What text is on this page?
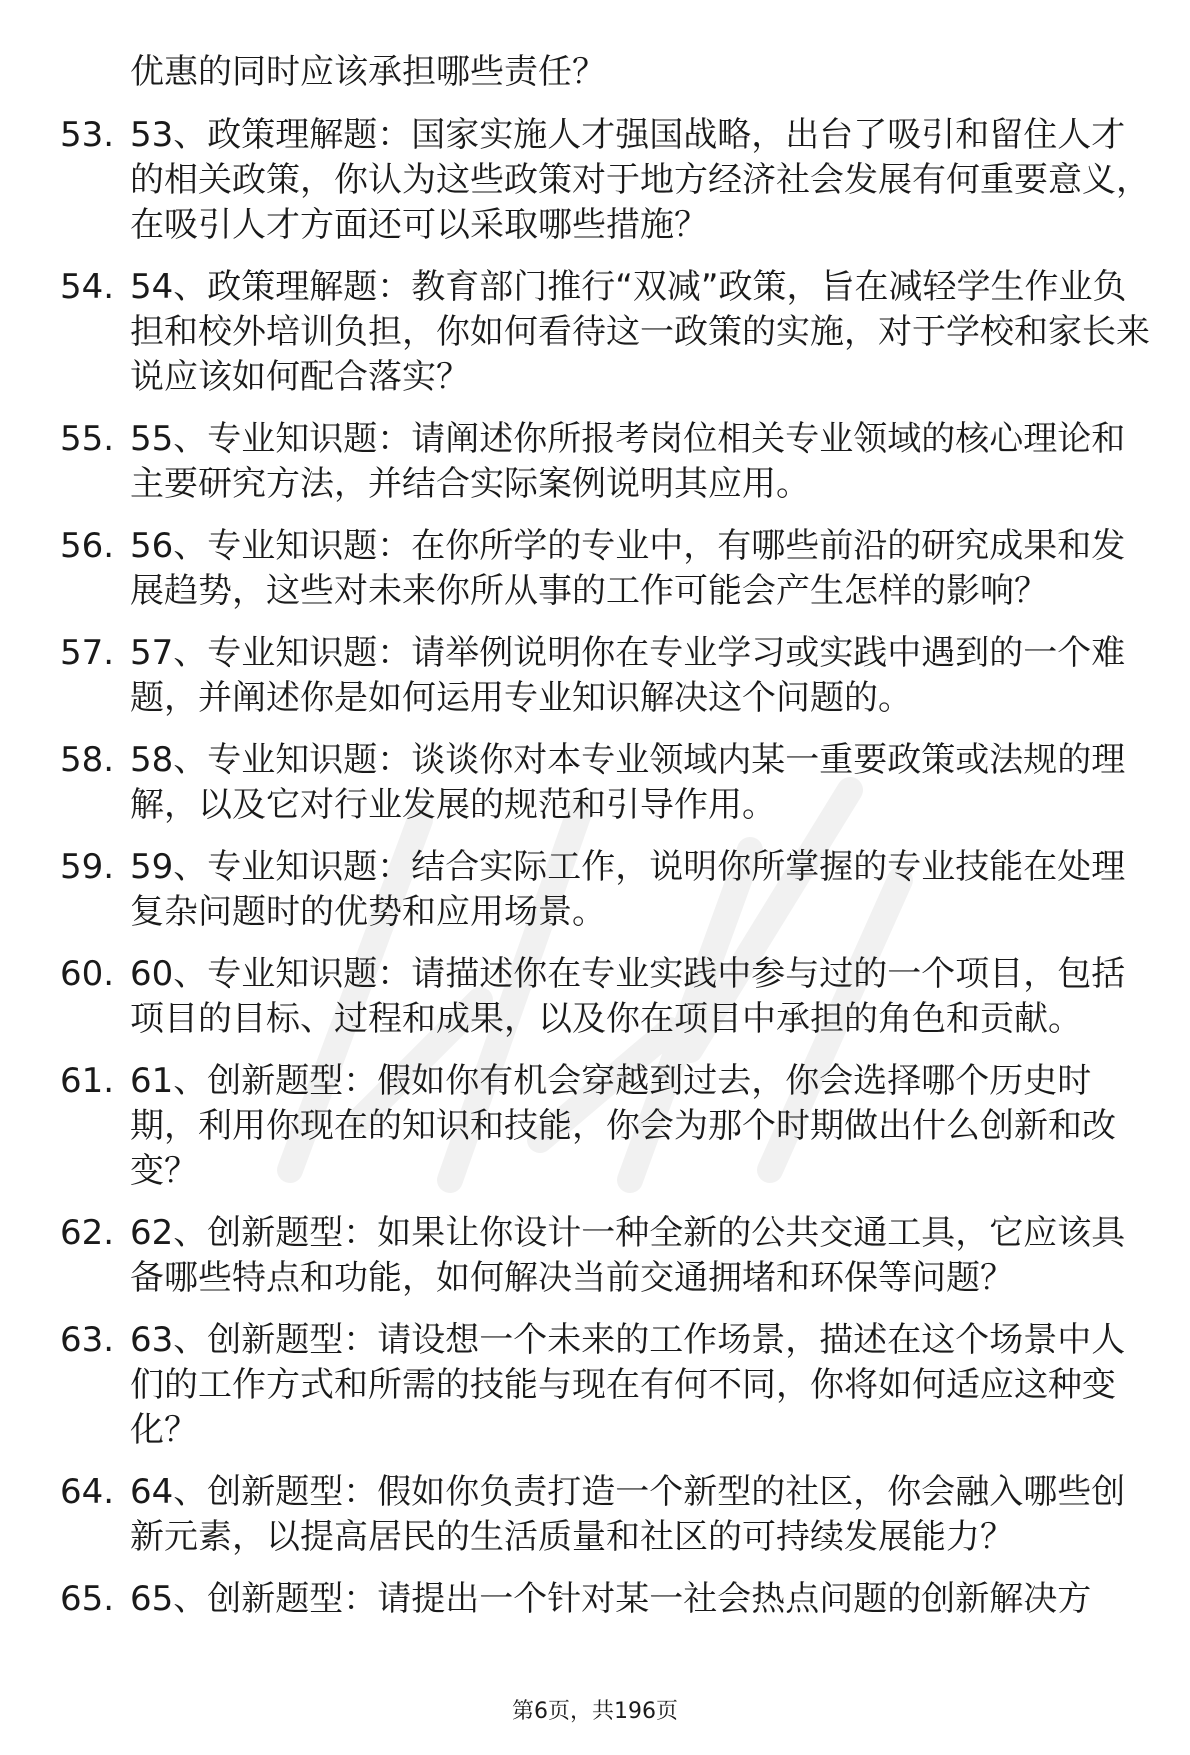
优惠的同时应该承担哪些责任？
53. 53、政策理解题：国家实施人才强国战略，出台了吸引和留住人才的相关政策，你认为这些政策对于地方经济社会发展有何重要意义，在吸引人才方面还可以采取哪些措施？
54. 54、政策理解题：教育部门推行“双减”政策，旨在减轻学生作业负担和校外培训负担，你如何看待这一政策的实施，对于学校和家长来说应该如何配合落实？
55. 55、专业知识题：请阐述你所报考岗位相关专业领域的核心理论和主要研究方法，并结合实际案例说明其应用。
56. 56、专业知识题：在你所学的专业中，有哪些前沿的研究成果和发展趋势，这些对未来你所从事的工作可能会产生怎样的影响？
57. 57、专业知识题：请举例说明你在专业学习或实践中遇到的一个难题，并阐述你是如何运用专业知识解决这个问题的。
58. 58、专业知识题：谈谈你对本专业领域内某一重要政策或法规的理解，以及它对行业发展的规范和引导作用。
59. 59、专业知识题：结合实际工作，说明你所掌握的专业技能在处理复杂问题时的优势和应用场景。
60. 60、专业知识题：请描述你在专业实践中参与过的一个项目，包括项目的目标、过程和成果，以及你在项目中承担的角色和贡献。
61. 61、创新题型：假如你有机会穿越到过去，你会选择哪个历史时期，利用你现在的知识和技能，你会为那个时期做出什么创新和改变？
62. 62、创新题型：如果让你设计一种全新的公共交通工具，它应该具备哪些特点和功能，如何解决当前交通拥堵和环保等问题？
63. 63、创新题型：请设想一个未来的工作场景，描述在这个场景中人们的工作方式和所需的技能与现在有何不同，你将如何适应这种变化？
64. 64、创新题型：假如你负责打造一个新型的社区，你会融入哪些创新元素，以提高居民的生活质量和社区的可持续发展能力？
65. 65、创新题型：请提出一个针对某一社会热点问题的创新解决方
第6页，共196页
